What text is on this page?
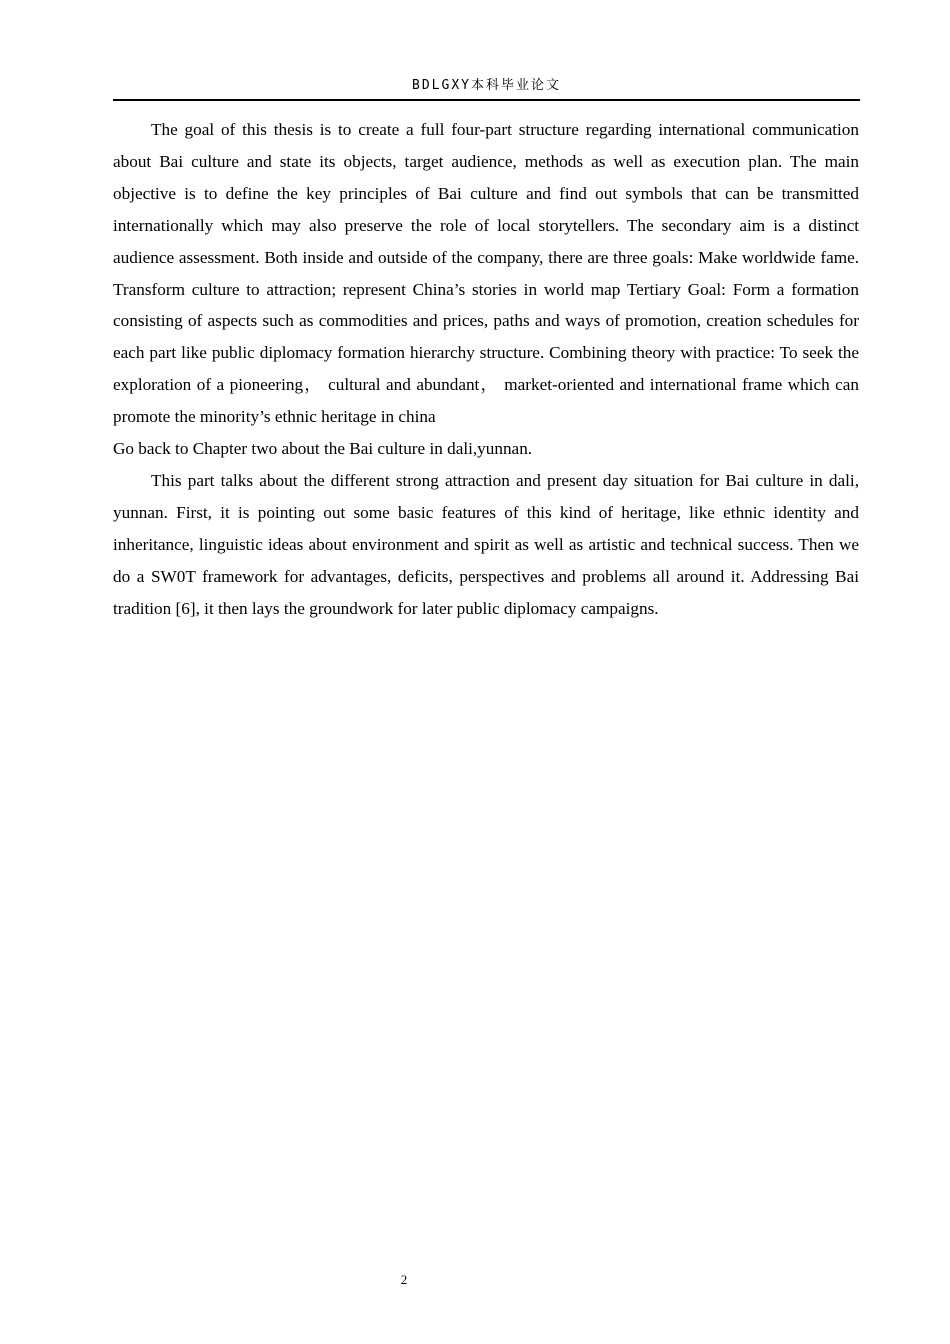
BDLGXY本科毕业论文

The goal of this thesis is to create a full four-part structure regarding international communication about Bai culture and state its objects, target audience, methods as well as execution plan. The main objective is to define the key principles of Bai culture and find out symbols that can be transmitted internationally which may also preserve the role of local storytellers. The secondary aim is a distinct audience assessment. Both inside and outside of the company, there are three goals: Make worldwide fame. Transform culture to attraction; represent China’s stories in world map Tertiary Goal: Form a formation consisting of aspects such as commodities and prices, paths and ways of promotion, creation schedules for each part like public diplomacy formation hierarchy structure. Combining theory with practice: To seek the exploration of a pioneering， cultural and abundant， market-oriented and international frame which can promote the minority’s ethnic heritage in china

Go back to Chapter two about the Bai culture in dali,yunnan.

This part talks about the different strong attraction and present day situation for Bai culture in dali, yunnan. First, it is pointing out some basic features of this kind of heritage, like ethnic identity and inheritance, linguistic ideas about environment and spirit as well as artistic and technical success. Then we do a SW0T framework for advantages, deficits, perspectives and problems all around it. Addressing Bai tradition [6], it then lays the groundwork for later public diplomacy campaigns.

2
